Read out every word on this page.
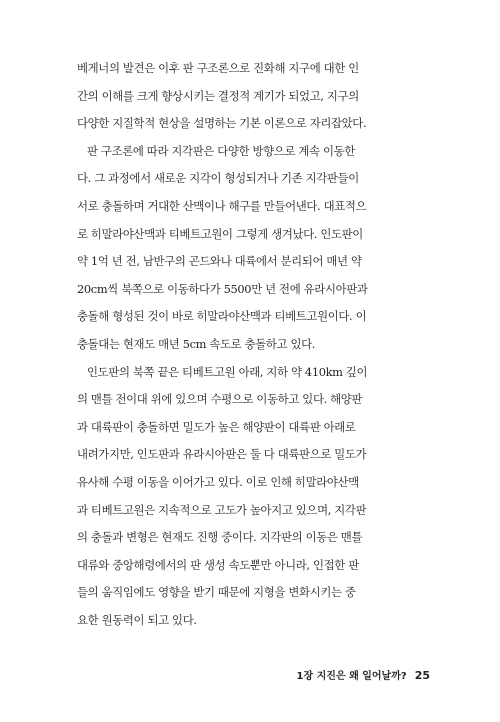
베게너의 발견은 이후 판 구조론으로 진화해 지구에 대한 인
간의 이해를 크게 향상시키는 결정적 계기가 되었고, 지구의
다양한 지질학적 현상을 설명하는 기본 이론으로 자리잡았다.
판 구조론에 따라 지각판은 다양한 방향으로 계속 이동한
다. 그 과정에서 새로운 지각이 형성되거나 기존 지각판들이
서로 충돌하며 거대한 산맥이나 해구를 만들어낸다. 대표적으
로 히말라야산맥과 티베트고원이 그렇게 생겨났다. 인도판이
약 1억 년 전, 남반구의 곤드와나 대륙에서 분리되어 매년 약
20cm씩 북쪽으로 이동하다가 5500만 년 전에 유라시아판과
충돌해 형성된 것이 바로 히말라야산맥과 티베트고원이다. 이
충돌대는 현재도 매년 5cm 속도로 충돌하고 있다.
인도판의 북쪽 끝은 티베트고원 아래, 지하 약 410km 깊이
의 맨틀 전이대 위에 있으며 수평으로 이동하고 있다. 해양판
과 대륙판이 충돌하면 밀도가 높은 해양판이 대륙판 아래로
내려가지만, 인도판과 유라시아판은 둘 다 대륙판으로 밀도가
유사해 수평 이동을 이어가고 있다. 이로 인해 히말라야산맥
과 티베트고원은 지속적으로 고도가 높아지고 있으며, 지각판
의 충돌과 변형은 현재도 진행 중이다. 지각판의 이동은 맨틀
대류와 중앙해령에서의 판 생성 속도뿐만 아니라, 인접한 판
들의 움직임에도 영향을 받기 때문에 지형을 변화시키는 중
요한 원동력이 되고 있다.
1장 지진은 왜 일어날까? 25
